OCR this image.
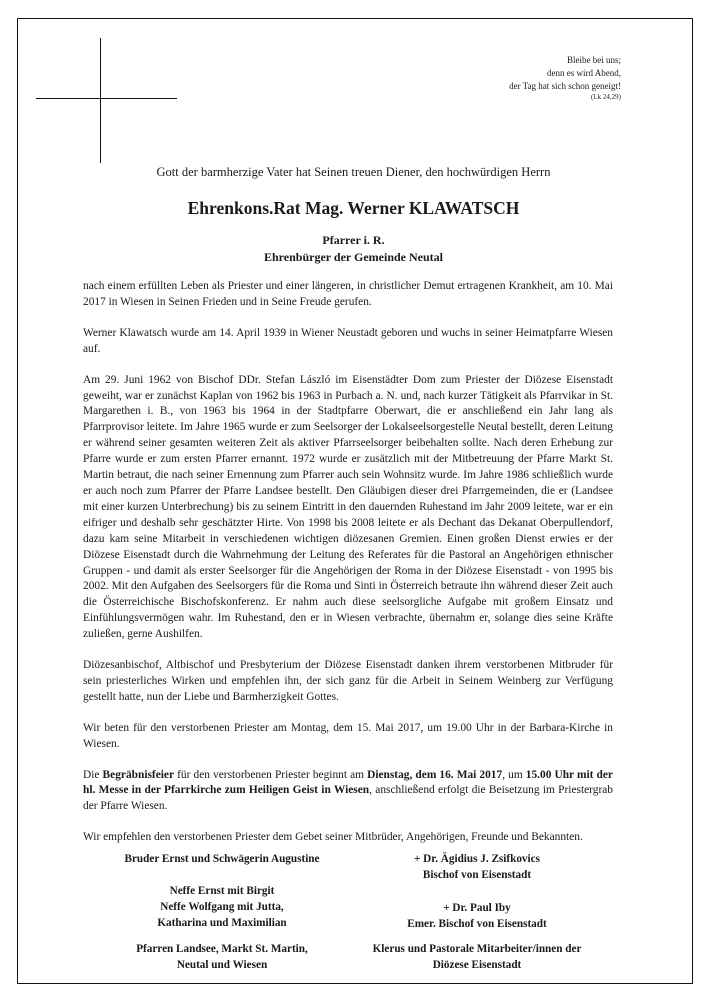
Bleibe bei uns;
denn es wird Abend,
der Tag hat sich schon geneigt!
(Lk 24,29)
Gott der barmherzige Vater hat Seinen treuen Diener, den hochwürdigen Herrn
Ehrenkons.Rat Mag. Werner KLAWATSCH
Pfarrer i. R.
Ehrenbürger der Gemeinde Neutal

nach einem erfüllten Leben als Priester und einer längeren, in christlicher Demut ertragenen Krankheit, am 10. Mai 2017 in Wiesen in Seinen Frieden und in Seine Freude gerufen.

Werner Klawatsch wurde am 14. April 1939 in Wiener Neustadt geboren und wuchs in seiner Heimatpfarre Wiesen auf.

Am 29. Juni 1962 von Bischof DDr. Stefan László im Eisenstädter Dom zum Priester der Diözese Eisenstadt geweiht, war er zunächst Kaplan von 1962 bis 1963 in Purbach a. N. und, nach kurzer Tätigkeit als Pfarrvikar in St. Margarethen i. B., von 1963 bis 1964 in der Stadtpfarre Oberwart, die er anschließend ein Jahr lang als Pfarrprovisor leitete. Im Jahre 1965 wurde er zum Seelsorger der Lokalseelsorgestelle Neutal bestellt, deren Leitung er während seiner gesamten weiteren Zeit als aktiver Pfarrseelsorger beibehalten sollte. Nach deren Erhebung zur Pfarre wurde er zum ersten Pfarrer ernannt. 1972 wurde er zusätzlich mit der Mitbetreuung der Pfarre Markt St. Martin betraut, die nach seiner Ernennung zum Pfarrer auch sein Wohnsitz wurde. Im Jahre 1986 schließlich wurde er auch noch zum Pfarrer der Pfarre Landsee bestellt. Den Gläubigen dieser drei Pfarrgemeinden, die er (Landsee mit einer kurzen Unterbrechung) bis zu seinem Eintritt in den dauernden Ruhestand im Jahr 2009 leitete, war er ein eifriger und deshalb sehr geschätzter Hirte. Von 1998 bis 2008 leitete er als Dechant das Dekanat Oberpullendorf, dazu kam seine Mitarbeit in verschiedenen wichtigen diözesanen Gremien. Einen großen Dienst erwies er der Diözese Eisenstadt durch die Wahrnehmung der Leitung des Referates für die Pastoral an Angehörigen ethnischer Gruppen - und damit als erster Seelsorger für die Angehörigen der Roma in der Diözese Eisenstadt - von 1995 bis 2002. Mit den Aufgaben des Seelsorgers für die Roma und Sinti in Österreich betraute ihn während dieser Zeit auch die Österreichische Bischofskonferenz. Er nahm auch diese seelsorgliche Aufgabe mit großem Einsatz und Einfühlungsvermögen wahr. Im Ruhestand, den er in Wiesen verbrachte, übernahm er, solange dies seine Kräfte zuließen, gerne Aushilfen.

Diözesanbischof, Altbischof und Presbyterium der Diözese Eisenstadt danken ihrem verstorbenen Mitbruder für sein priesterliches Wirken und empfehlen ihn, der sich ganz für die Arbeit in Seinem Weinberg zur Verfügung gestellt hatte, nun der Liebe und Barmherzigkeit Gottes.

Wir beten für den verstorbenen Priester am Montag, dem 15. Mai 2017, um 19.00 Uhr in der Barbara-Kirche in Wiesen.

Die Begräbnisfeier für den verstorbenen Priester beginnt am Dienstag, dem 16. Mai 2017, um 15.00 Uhr mit der hl. Messe in der Pfarrkirche zum Heiligen Geist in Wiesen, anschließend erfolgt die Beisetzung im Priestergrab der Pfarre Wiesen.

Wir empfehlen den verstorbenen Priester dem Gebet seiner Mitbrüder, Angehörigen, Freunde und Bekannten.

Bruder Ernst und Schwägerin Augustine
Neffe Ernst mit Birgit
Neffe Wolfgang mit Jutta,
Katharina und Maximilian
Pfarren Landsee, Markt St. Martin,
Neutal und Wiesen
+ Dr. Ägidius J. Zsifkovics
Bischof von Eisenstadt
+ Dr. Paul Iby
Emer. Bischof von Eisenstadt
Klerus und Pastorale Mitarbeiter/innen der
Diözese Eisenstadt
